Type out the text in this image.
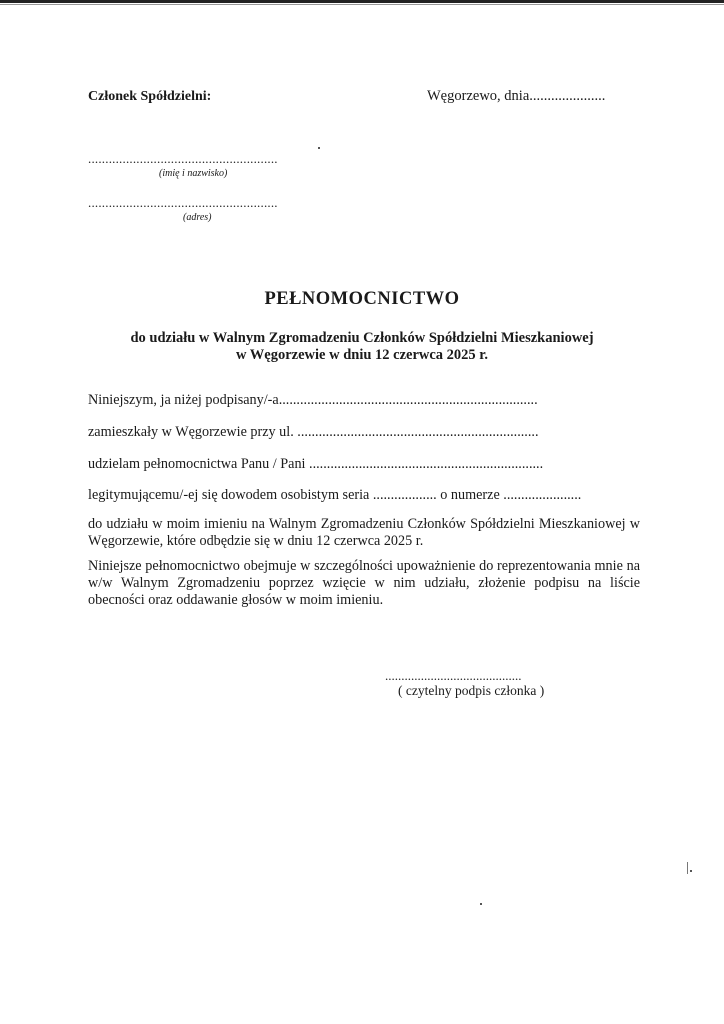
Członek Spółdzielni:	Węgorzewo, dnia.....................
.......................................................
(imię i nazwisko)
.......................................................
(adres)
PEŁNOMOCNICTWO
do udziału w Walnym Zgromadzeniu Członków Spółdzielni Mieszkaniowej
w Węgorzewie w dniu 12 czerwca 2025 r.
Niniejszym, ja niżej podpisany/-a.........................................................................
zamieszkały w Węgorzewie przy ul. ....................................................................
udzielam pełnomocnictwa Panu / Pani ..................................................................
legitymującemu/-ej się dowodem osobistym seria .................. o numerze ......................
do udziału w moim imieniu na Walnym Zgromadzeniu Członków Spółdzielni Mieszkaniowej w Węgorzewie, które odbędzie się w dniu 12 czerwca 2025 r.
Niniejsze pełnomocnictwo obejmuje w szczególności upoważnienie do reprezentowania mnie na w/w Walnym Zgromadzeniu poprzez wzięcie w nim udziału, złożenie podpisu na liście obecności oraz oddawanie głosów w moim imieniu.
..........................................
( czytelny podpis członka )
